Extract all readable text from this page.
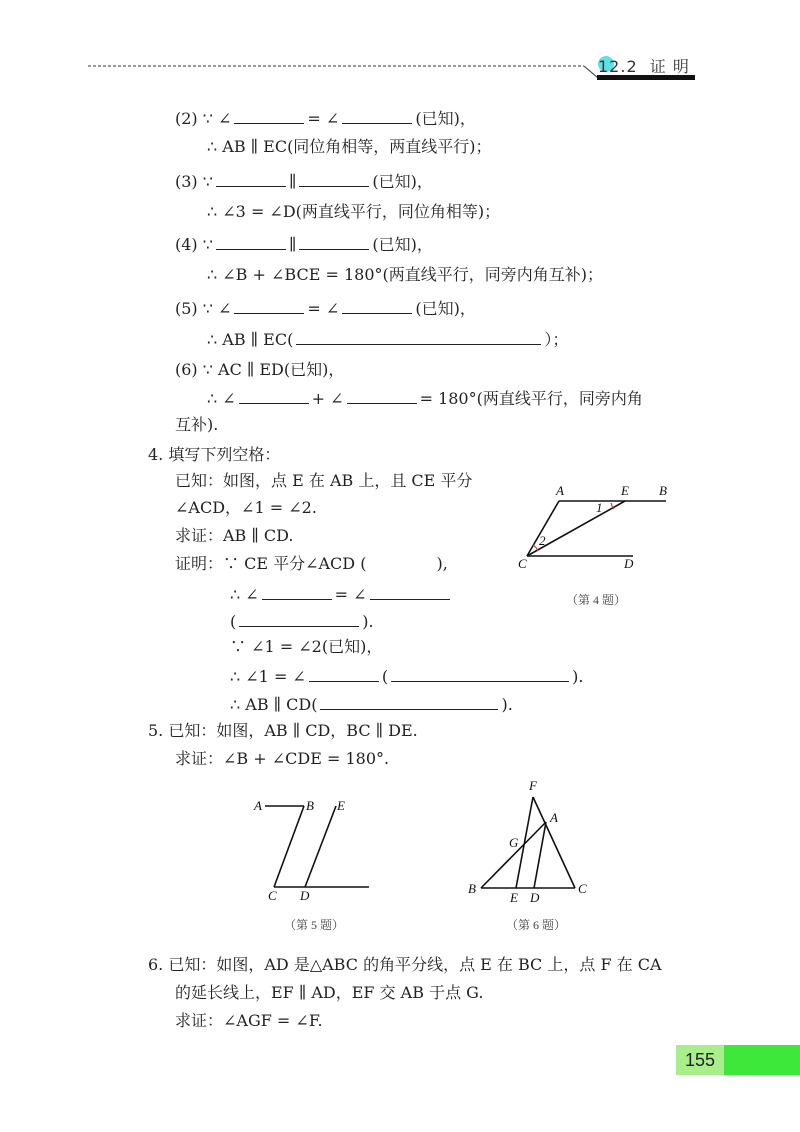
A	E B
1
2
C	D
（第 4 题）
A	B E
C D
（第 5 题）
F
A
G
B
E D
C
（第 6 题）
12.2 证 明
(2) ∵ ∠	= ∠	(已知)，
∴ AB ∥ EC(同位角相等，两直线平行)；
(3) ∵	∥	(已知)，
∴ ∠3 = ∠D(两直线平行，同位角相等)；
(4) ∵	∥	(已知)，
∴ ∠B + ∠BCE = 180°(两直线平行，同旁内角互补)；
(5) ∵ ∠	= ∠	(已知)，
∴ AB ∥ EC(	）；
(6) ∵ AC ∥ ED(已知)，
∴ ∠	+ ∠	= 180°(两直线平行，同旁内角
互补).
4. 填写下列空格：
已知：如图，点 E 在 AB 上，且 CE 平分
∠ACD，∠1 = ∠2.
求证：AB ∥ CD.
证明：∵ CE 平分∠ACD (	),
∴ ∠	= ∠
(	).
∵ ∠1 = ∠2(已知)，
∴ ∠1 = ∠	(	).
∴ AB ∥ CD(	).
5. 已知：如图，AB ∥ CD，BC ∥ DE.
求证：∠B + ∠CDE = 180°.
6. 已知：如图，AD 是△ABC 的角平分线，点 E 在 BC 上，点 F 在 CA
的延长线上，EF ∥ AD，EF 交 AB 于点 G.
求证：∠AGF = ∠F.
155
